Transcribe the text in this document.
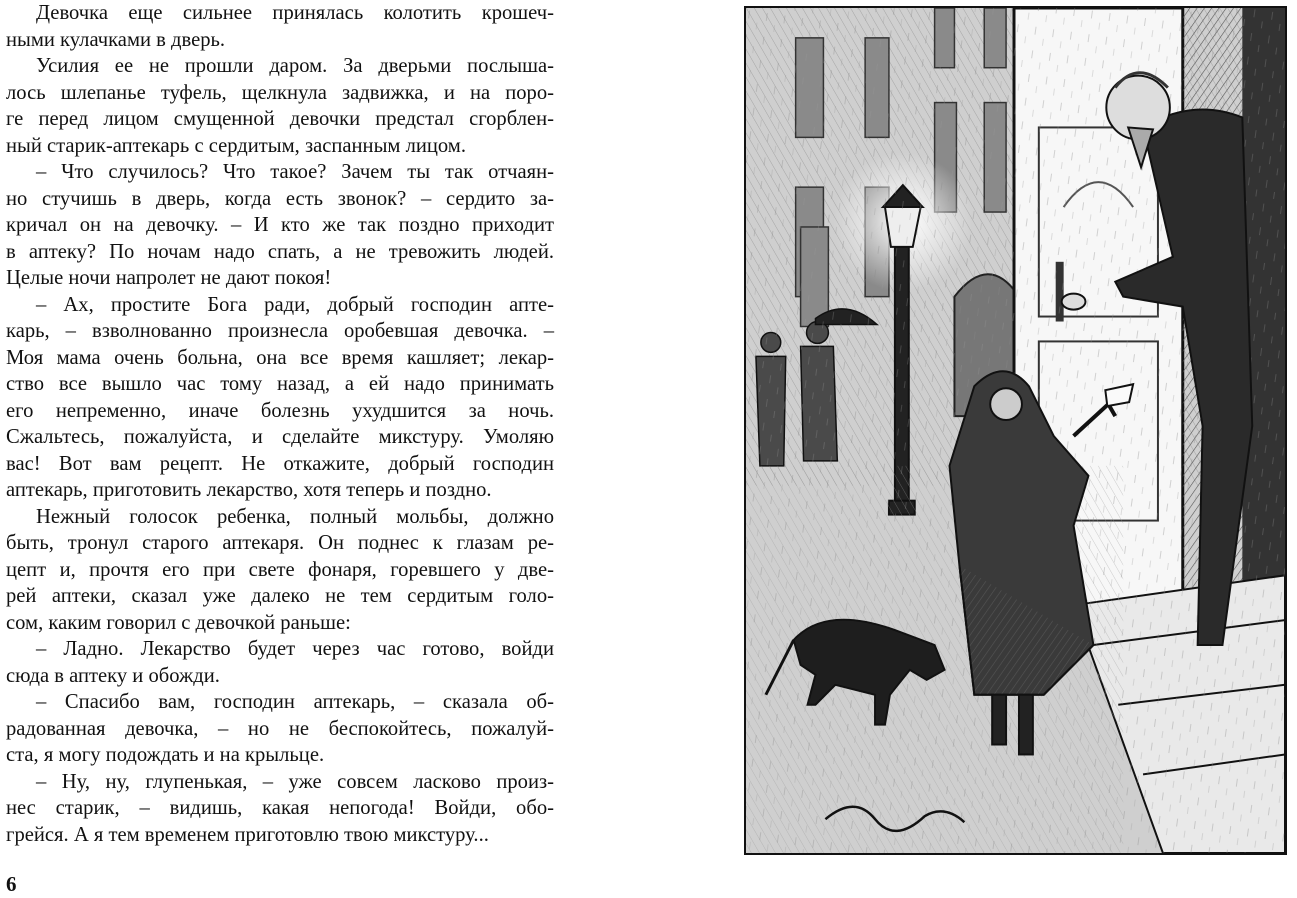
Девочка еще сильнее принялась колотить крошеч-
ными кулачками в дверь.

Усилия ее не прошли даром. За дверьми послыша-
лось шлепанье туфель, щелкнула задвижка, и на поро-
ге перед лицом смущенной девочки предстал сгорблен-
ный старик-аптекарь с сердитым, заспанным лицом.

– Что случилось? Что такое? Зачем ты так отчаян-
но стучишь в дверь, когда есть звонок? – сердито за-
кричал он на девочку. – И кто же так поздно приходит
в аптеку? По ночам надо спать, а не тревожить людей.
Целые ночи напролет не дают покоя!

– Ах, простите Бога ради, добрый господин апте-
карь, – взволнованно произнесла оробевшая девочка. –
Моя мама очень больна, она все время кашляет; лекар-
ство все вышло час тому назад, а ей надо принимать
его непременно, иначе болезнь ухудшится за ночь.
Сжальтесь, пожалуйста, и сделайте микстуру. Умоляю
вас! Вот вам рецепт. Не откажите, добрый господин
аптекарь, приготовить лекарство, хотя теперь и поздно.

Нежный голосок ребенка, полный мольбы, должно
быть, тронул старого аптекаря. Он поднес к глазам ре-
цепт и, прочтя его при свете фонаря, горевшего у две-
рей аптеки, сказал уже далеко не тем сердитым голо-
сом, каким говорил с девочкой раньше:

– Ладно. Лекарство будет через час готово, войди
сюда в аптеку и обожди.

– Спасибо вам, господин аптекарь, – сказала об-
радованная девочка, – но не беспокойтесь, пожалуй-
ста, я могу подождать и на крыльце.

– Ну, ну, глупенькая, – уже совсем ласково произ-
нес старик, – видишь, какая непогода! Войди, обо-
грейся. А я тем временем приготовлю твою микстуру...

6
